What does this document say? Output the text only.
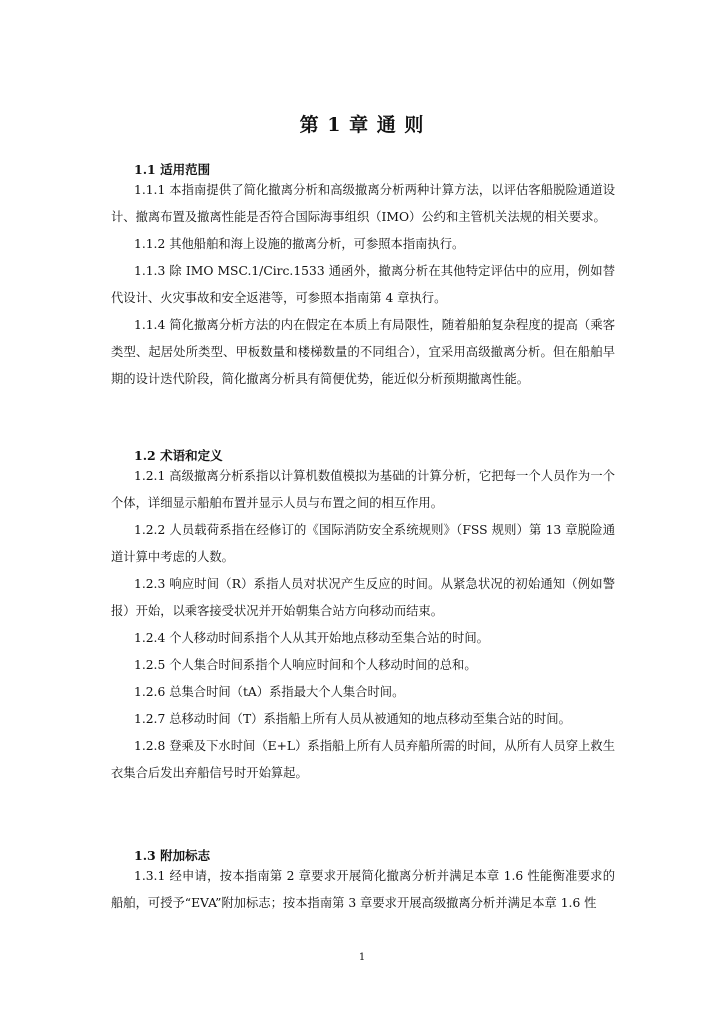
第 1 章 通 则
1.1 适用范围
1.1.1 本指南提供了简化撤离分析和高级撤离分析两种计算方法，以评估客船脱险通道设计、撤离布置及撤离性能是否符合国际海事组织（IMO）公约和主管机关法规的相关要求。
1.1.2 其他船舶和海上设施的撤离分析，可参照本指南执行。
1.1.3 除 IMO MSC.1/Circ.1533 通函外，撤离分析在其他特定评估中的应用，例如替代设计、火灾事故和安全返港等，可参照本指南第 4 章执行。
1.1.4 简化撤离分析方法的内在假定在本质上有局限性，随着船舶复杂程度的提高（乘客类型、起居处所类型、甲板数量和楼梯数量的不同组合），宜采用高级撤离分析。但在船舶早期的设计迭代阶段，简化撤离分析具有简便优势，能近似分析预期撤离性能。
1.2 术语和定义
1.2.1 高级撤离分析系指以计算机数值模拟为基础的计算分析，它把每一个人员作为一个个体，详细显示船舶布置并显示人员与布置之间的相互作用。
1.2.2 人员载荷系指在经修订的《国际消防安全系统规则》（FSS 规则）第 13 章脱险通道计算中考虑的人数。
1.2.3 响应时间（R）系指人员对状况产生反应的时间。从紧急状况的初始通知（例如警报）开始，以乘客接受状况并开始朝集合站方向移动而结束。
1.2.4 个人移动时间系指个人从其开始地点移动至集合站的时间。
1.2.5 个人集合时间系指个人响应时间和个人移动时间的总和。
1.2.6 总集合时间（tA）系指最大个人集合时间。
1.2.7 总移动时间（T）系指船上所有人员从被通知的地点移动至集合站的时间。
1.2.8 登乘及下水时间（E+L）系指船上所有人员弃船所需的时间，从所有人员穿上救生衣集合后发出弃船信号时开始算起。
1.3 附加标志
1.3.1 经申请，按本指南第 2 章要求开展简化撤离分析并满足本章 1.6 性能衡准要求的船舶，可授予“EVA”附加标志；按本指南第 3 章要求开展高级撤离分析并满足本章 1.6 性
1
